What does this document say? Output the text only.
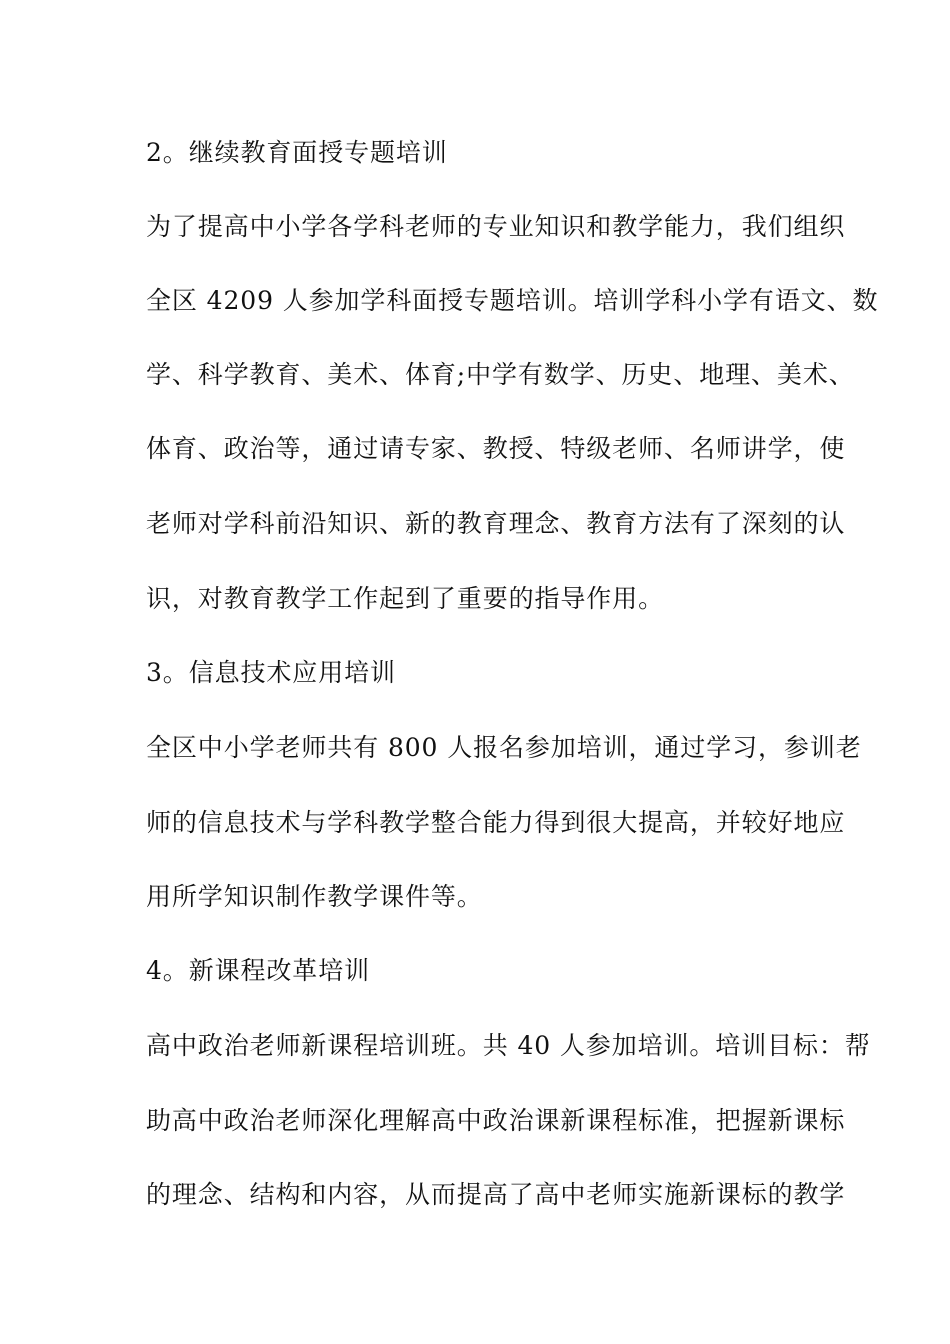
2。继续教育面授专题培训
为了提高中小学各学科老师的专业知识和教学能力，我们组织
全区 4209 人参加学科面授专题培训。培训学科小学有语文、数
学、科学教育、美术、体育;中学有数学、历史、地理、美术、
体育、政治等，通过请专家、教授、特级老师、名师讲学，使
老师对学科前沿知识、新的教育理念、教育方法有了深刻的认
识，对教育教学工作起到了重要的指导作用。
3。信息技术应用培训
全区中小学老师共有 800 人报名参加培训，通过学习，参训老
师的信息技术与学科教学整合能力得到很大提高，并较好地应
用所学知识制作教学课件等。
4。新课程改革培训
高中政治老师新课程培训班。共 40 人参加培训。培训目标：帮
助高中政治老师深化理解高中政治课新课程标准，把握新课标
的理念、结构和内容，从而提高了高中老师实施新课标的教学
